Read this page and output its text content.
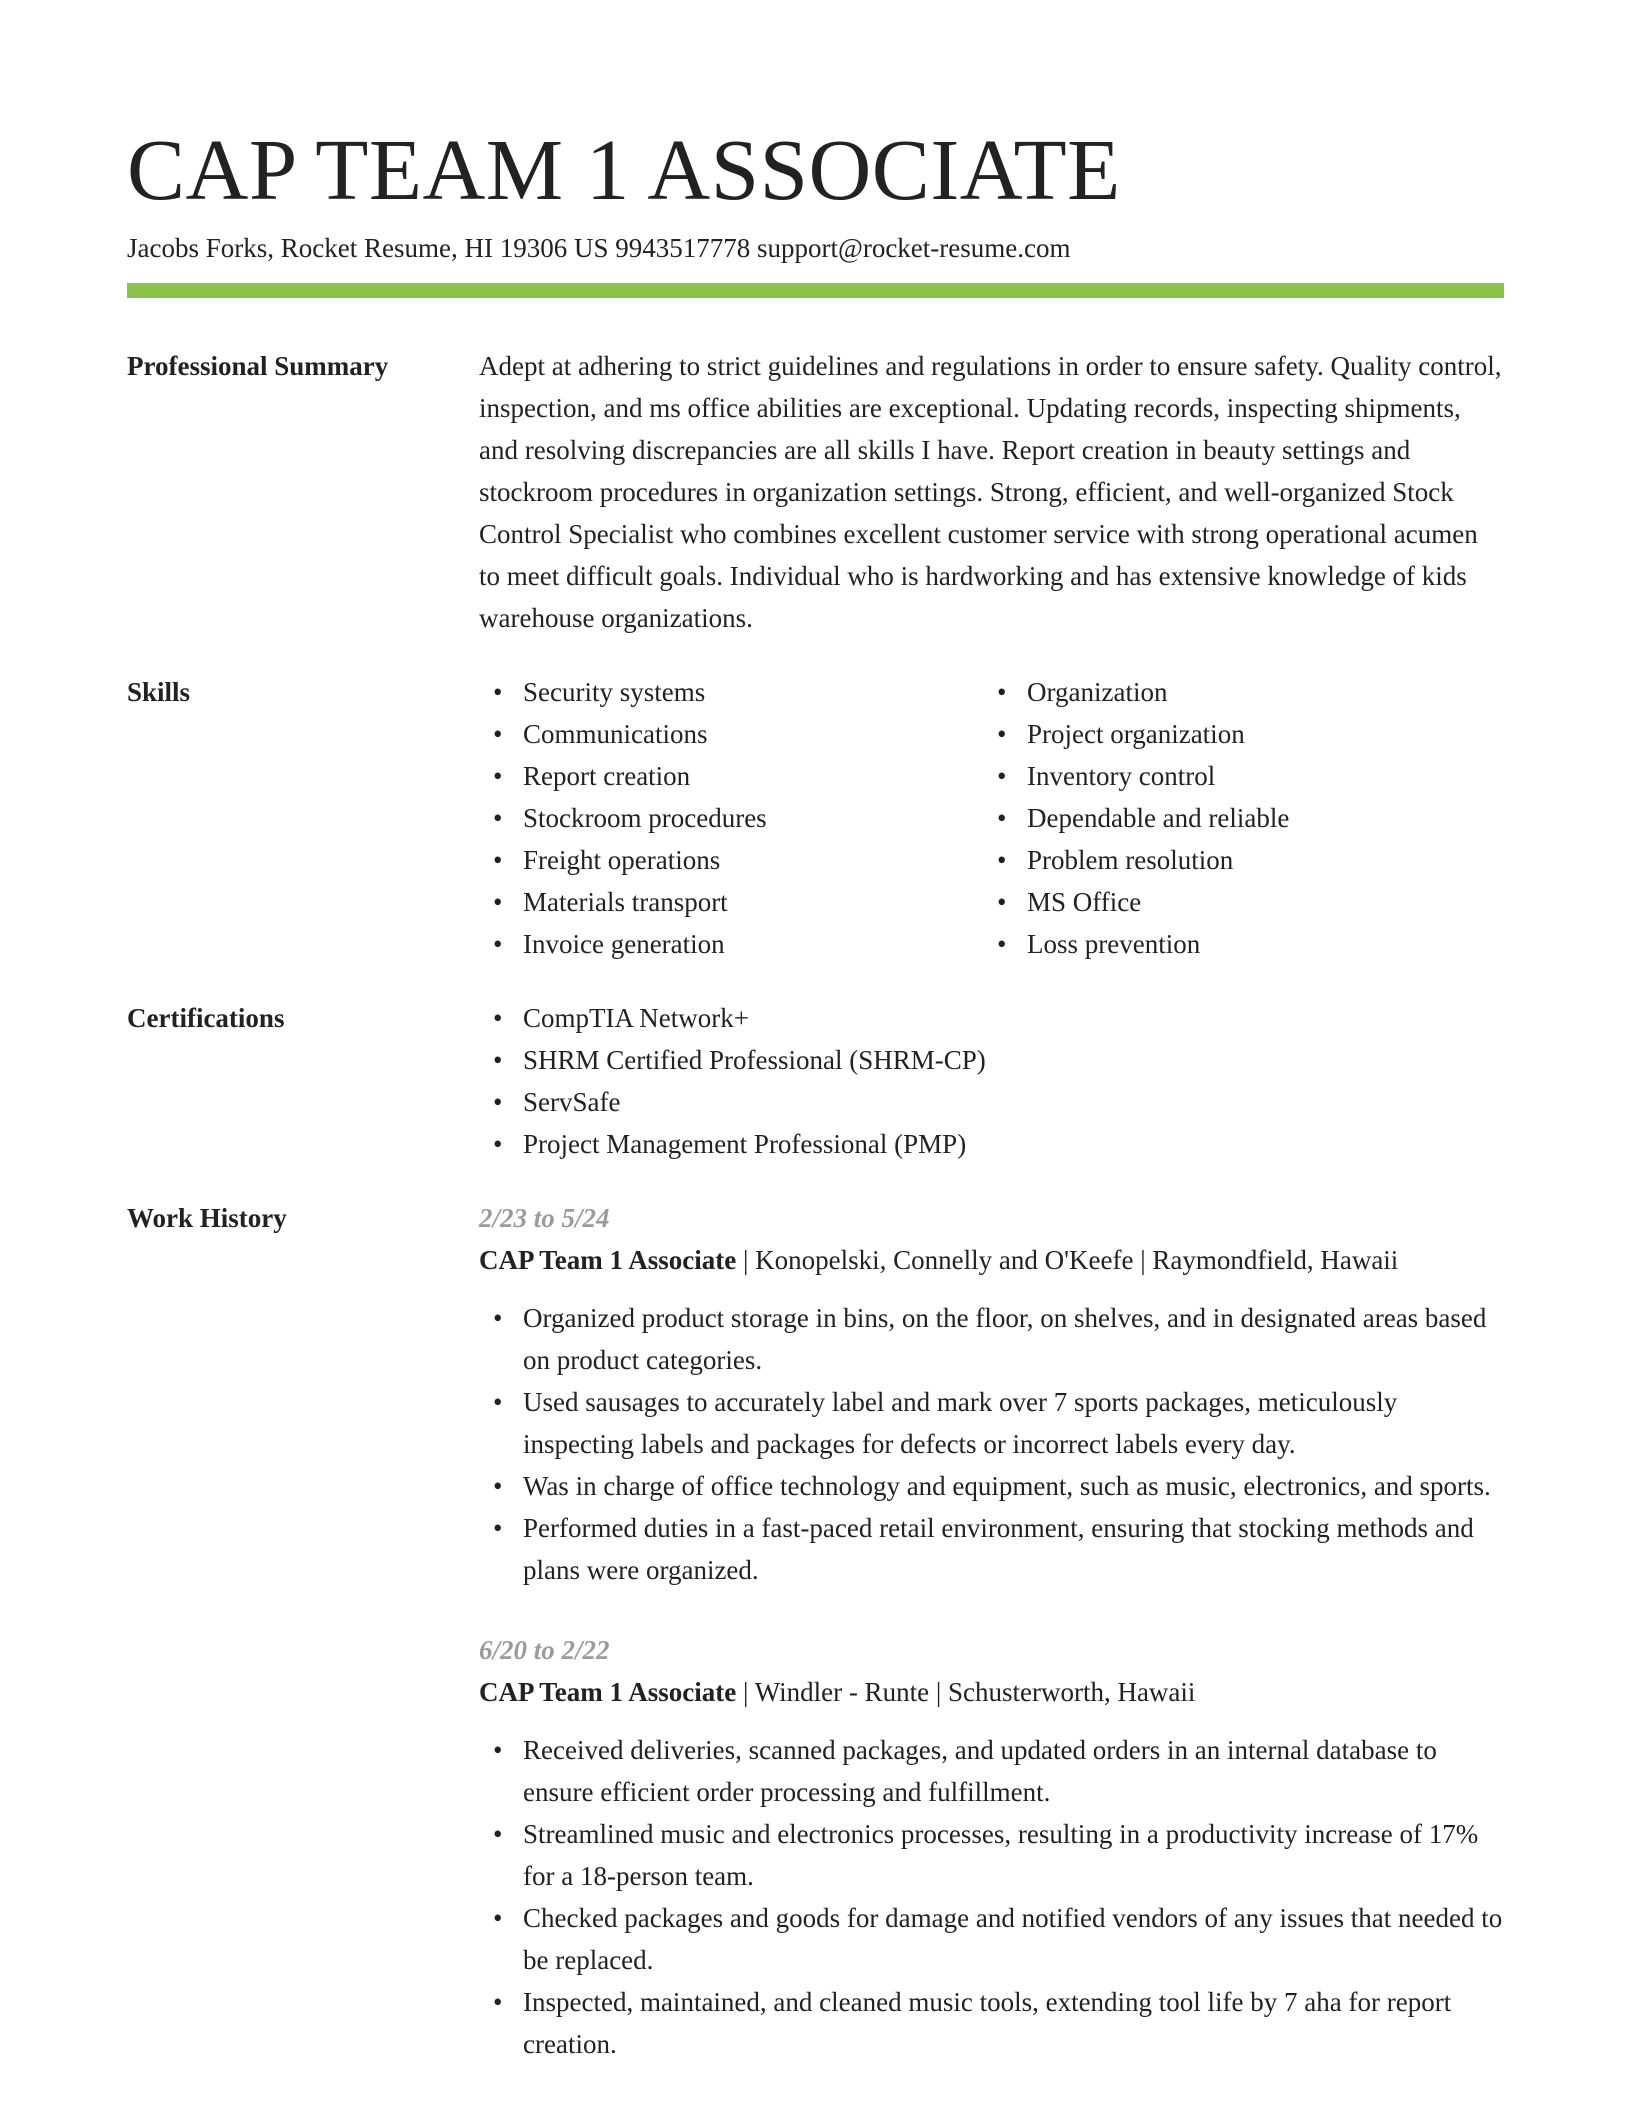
CAP TEAM 1 ASSOCIATE
Jacobs Forks, Rocket Resume, HI 19306 US 9943517778 support@rocket-resume.com
Professional Summary	Adept at adhering to strict guidelines and regulations in order to ensure safety. Quality control, inspection, and ms office abilities are exceptional. Updating records, inspecting shipments, and resolving discrepancies are all skills I have. Report creation in beauty settings and stockroom procedures in organization settings. Strong, efficient, and well-organized Stock Control Specialist who combines excellent customer service with strong operational acumen to meet difficult goals. Individual who is hardworking and has extensive knowledge of kids warehouse organizations.
Skills	• Security systems
• Communications
• Report creation
• Stockroom procedures
• Freight operations
• Materials transport
• Invoice generation
• Organization
• Project organization
• Inventory control
• Dependable and reliable
• Problem resolution
• MS Office
• Loss prevention
Certifications	• CompTIA Network+
• SHRM Certified Professional (SHRM-CP)
• ServSafe
• Project Management Professional (PMP)
Work History	2/23 to 5/24
CAP Team 1 Associate | Konopelski, Connelly and O'Keefe | Raymondfield, Hawaii
• Organized product storage in bins, on the floor, on shelves, and in designated areas based on product categories.
• Used sausages to accurately label and mark over 7 sports packages, meticulously inspecting labels and packages for defects or incorrect labels every day.
• Was in charge of office technology and equipment, such as music, electronics, and sports.
• Performed duties in a fast-paced retail environment, ensuring that stocking methods and plans were organized.
6/20 to 2/22
CAP Team 1 Associate | Windler - Runte | Schusterworth, Hawaii
• Received deliveries, scanned packages, and updated orders in an internal database to ensure efficient order processing and fulfillment.
• Streamlined music and electronics processes, resulting in a productivity increase of 17% for a 18-person team.
• Checked packages and goods for damage and notified vendors of any issues that needed to be replaced.
• Inspected, maintained, and cleaned music tools, extending tool life by 7 aha for report creation.
